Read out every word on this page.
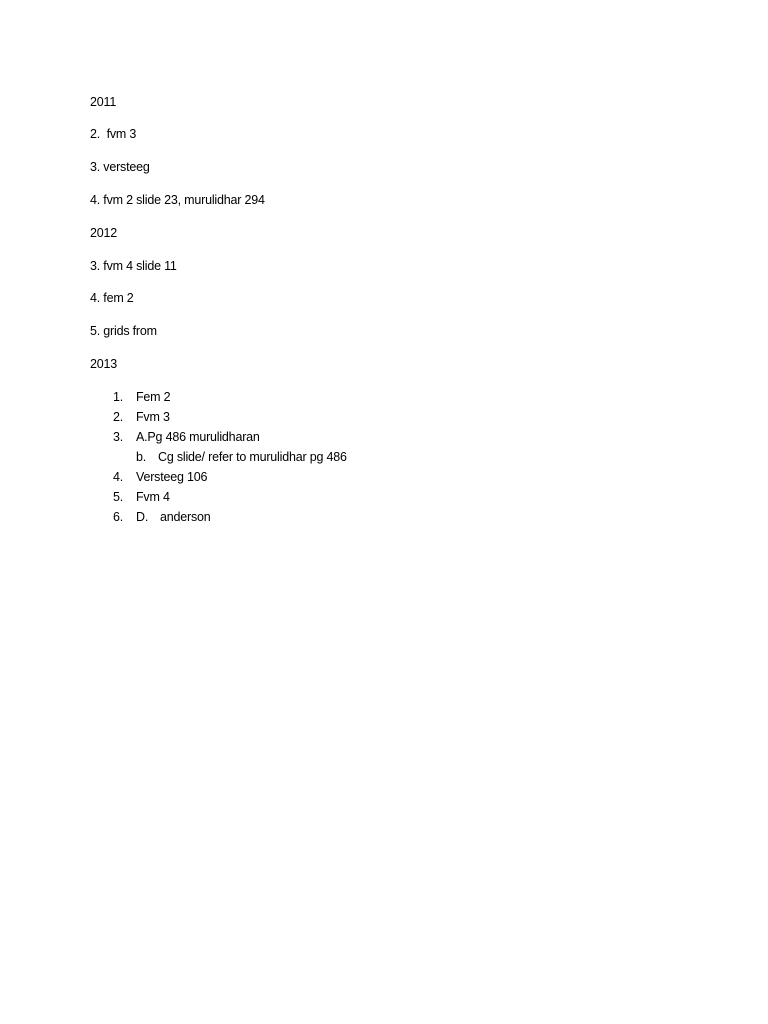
2011
2.  fvm 3
3. versteeg
4. fvm 2 slide 23, murulidhar 294
2012
3. fvm 4 slide 11
4. fem 2
5. grids from
2013
1. Fem 2
2. Fvm 3
3. A.Pg 486 murulidharan
b. Cg slide/ refer to murulidhar pg 486
4. Versteeg 106
5. Fvm 4
6. D. anderson
